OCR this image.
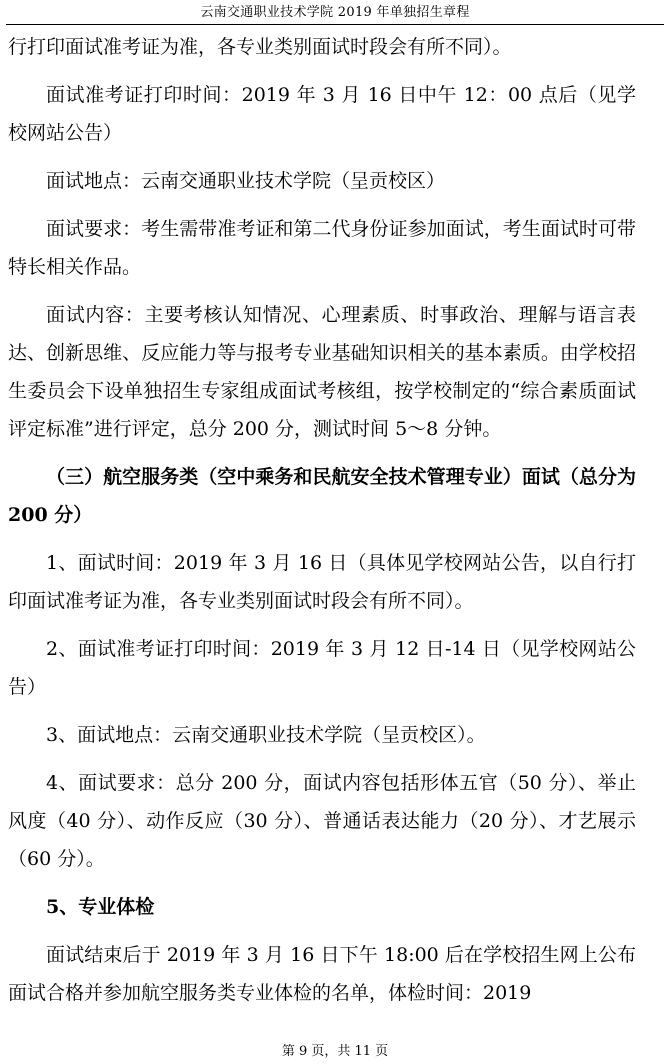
云南交通职业技术学院 2019 年单独招生章程

行打印面试准考证为准，各专业类别面试时段会有所不同）。

面试准考证打印时间：2019 年 3 月 16 日中午 12：00 点后（见学校网站公告）

面试地点：云南交通职业技术学院（呈贡校区）

面试要求：考生需带准考证和第二代身份证参加面试，考生面试时可带特长相关作品。

面试内容：主要考核认知情况、心理素质、时事政治、理解与语言表达、创新思维、反应能力等与报考专业基础知识相关的基本素质。由学校招生委员会下设单独招生专家组成面试考核组，按学校制定的“综合素质面试评定标准”进行评定，总分 200 分，测试时间 5～8 分钟。

（三）航空服务类（空中乘务和民航安全技术管理专业）面试（总分为 200 分）

1、面试时间：2019 年 3 月 16 日（具体见学校网站公告，以自行打印面试准考证为准，各专业类别面试时段会有所不同）。

2、面试准考证打印时间：2019 年 3 月 12 日-14 日（见学校网站公告）

3、面试地点：云南交通职业技术学院（呈贡校区）。

4、面试要求：总分 200 分，面试内容包括形体五官（50 分）、举止风度（40 分）、动作反应（30 分）、普通话表达能力（20 分）、才艺展示（60 分）。

5、专业体检

面试结束后于 2019 年 3 月 16 日下午 18:00 后在学校招生网上公布面试合格并参加航空服务类专业体检的名单，体检时间：2019

第 9 页，共 11 页
